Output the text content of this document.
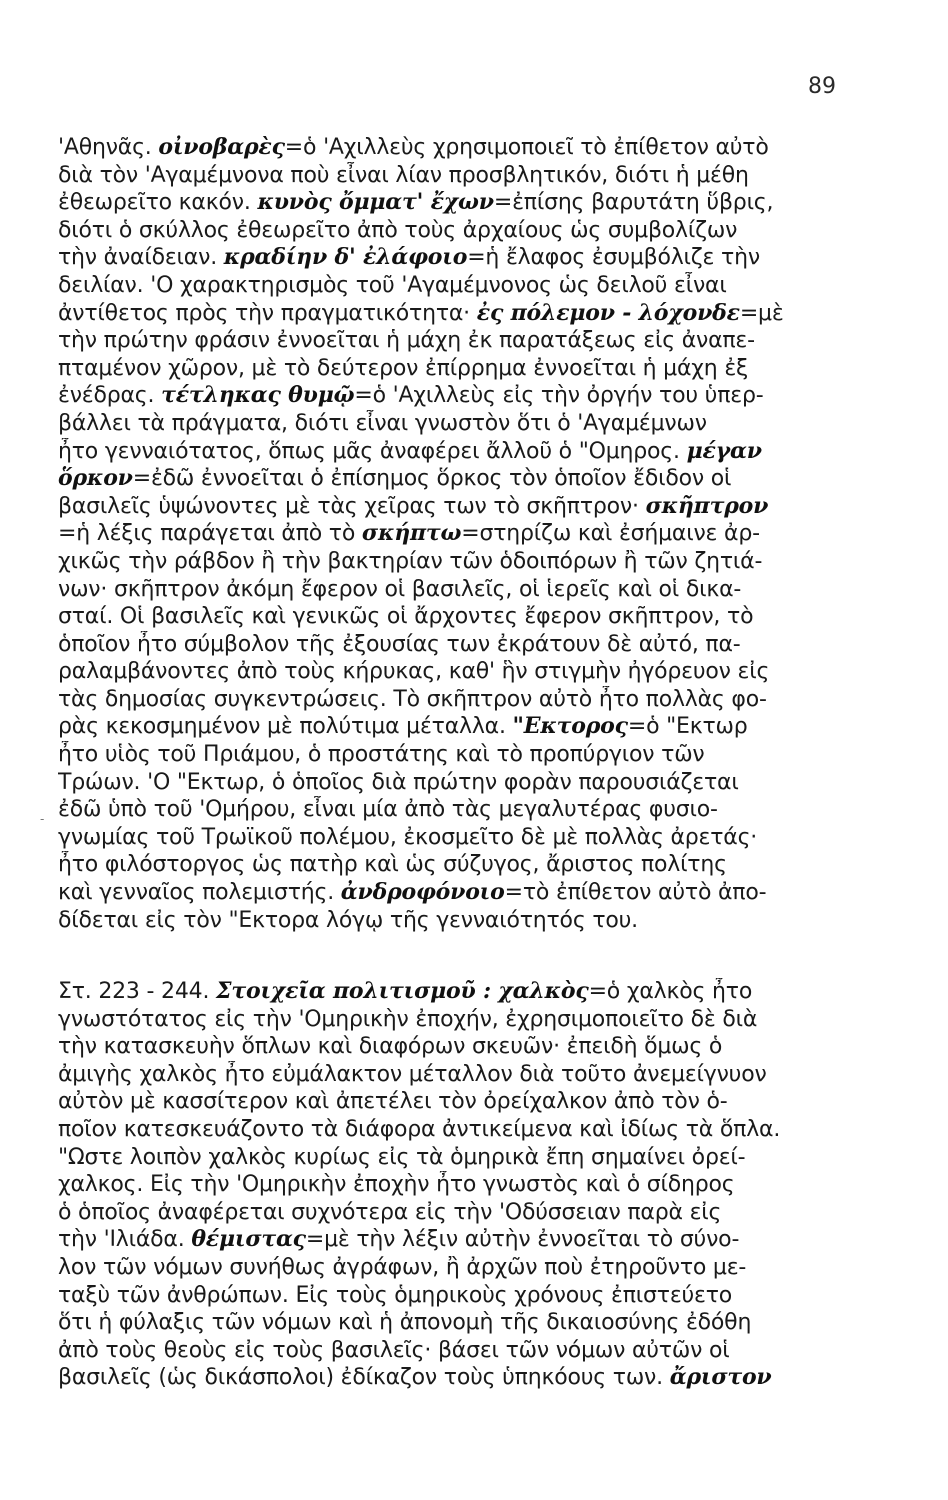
89
-
'Αθηνᾶς. οἰνοβαρὲς=ὁ 'Αχιλλεὺς χρησιμοποιεῖ τὸ ἐπίθετον αὐτὸ
διὰ τὸν 'Αγαμέμνονα ποὺ εἶναι λίαν προσβλητικόν, διότι ἡ μέθη
ἐθεωρεῖτο κακόν. κυνὸς ὄμματ' ἔχων=ἐπίσης βαρυτάτη ὕβρις,
διότι ὁ σκύλλος ἐθεωρεῖτο ἀπὸ τοὺς ἀρχαίους ὡς συμβολίζων
τὴν ἀναίδειαν. κραδίην δ' ἐλάφοιο=ἡ ἔλαφος ἐσυμβόλιζε τὴν
δειλίαν. 'Ο χαρακτηρισμὸς τοῦ 'Αγαμέμνονος ὡς δειλοῦ εἶναι
ἀντίθετος πρὸς τὴν πραγματικότητα· ἐς πόλεμον - λόχονδε=μὲ
τὴν πρώτην φράσιν ἐννοεῖται ἡ μάχη ἐκ παρατάξεως εἰς ἀναπε-
πταμένον χῶρον, μὲ τὸ δεύτερον ἐπίρρημα ἐννοεῖται ἡ μάχη ἐξ
ἐνέδρας. τέτληκας θυμῷ=ὁ 'Αχιλλεὺς εἰς τὴν ὀργήν του ὑπερ-
βάλλει τὰ πράγματα, διότι εἶναι γνωστὸν ὅτι ὁ 'Αγαμέμνων
ἦτο γενναιότατος, ὅπως μᾶς ἀναφέρει ἄλλοῦ ὁ "Ομηρος. μέγαν
ὅρκον=ἐδῶ ἐννοεῖται ὁ ἐπίσημος ὅρκος τὸν ὁποῖον ἔδιδον οἱ
βασιλεῖς ὑψώνοντες μὲ τὰς χεῖρας των τὸ σκῆπτρον· σκῆπτρον
=ἡ λέξις παράγεται ἀπὸ τὸ σκήπτω=στηρίζω καὶ ἐσήμαινε ἀρ-
χικῶς τὴν ράβδον ἢ τὴν βακτηρίαν τῶν ὁδοιπόρων ἢ τῶν ζητιά-
νων· σκῆπτρον ἀκόμη ἔφερον οἱ βασιλεῖς, οἱ ἱερεῖς καὶ οἱ δικα-
σταί. Οἱ βασιλεῖς καὶ γενικῶς οἱ ἄρχοντες ἔφερον σκῆπτρον, τὸ
ὁποῖον ἦτο σύμβολον τῆς ἐξουσίας των ἐκράτουν δὲ αὐτό, πα-
ραλαμβάνοντες ἀπὸ τοὺς κήρυκας, καθ' ἣν στιγμὴν ἠγόρευον εἰς
τὰς δημοσίας συγκεντρώσεις. Τὸ σκῆπτρον αὐτὸ ἦτο πολλὰς φο-
ρὰς κεκοσμημένον μὲ πολύτιμα μέταλλα. "Εκτορος=ὁ "Εκτωρ
ἦτο υἱὸς τοῦ Πριάμου, ὁ προστάτης καὶ τὸ προπύργιον τῶν
Τρώων. 'Ο "Εκτωρ, ὁ ὁποῖος διὰ πρώτην φορὰν παρουσιάζεται
ἐδῶ ὑπὸ τοῦ 'Ομήρου, εἶναι μία ἀπὸ τὰς μεγαλυτέρας φυσιο-
γνωμίας τοῦ Τρωϊκοῦ πολέμου, ἐκοσμεῖτο δὲ μὲ πολλὰς ἀρετάς·
ἦτο φιλόστοργος ὡς πατὴρ καὶ ὡς σύζυγος, ἄριστος πολίτης
καὶ γενναῖος πολεμιστής. ἀνδροφόνοιο=τὸ ἐπίθετον αὐτὸ ἀπο-
δίδεται εἰς τὸν "Εκτορα λόγῳ τῆς γενναιότητός του.
Στ. 223 - 244. Στοιχεῖα πολιτισμοῦ : χαλκὸς=ὁ χαλκὸς ἦτο
γνωστότατος εἰς τὴν 'Ομηρικὴν ἐποχήν, ἐχρησιμοποιεῖτο δὲ διὰ
τὴν κατασκευὴν ὅπλων καὶ διαφόρων σκευῶν· ἐπειδὴ ὅμως ὁ
ἀμιγὴς χαλκὸς ἦτο εὐμάλακτον μέταλλον διὰ τοῦτο ἀνεμείγνυον
αὐτὸν μὲ κασσίτερον καὶ ἀπετέλει τὸν ὀρείχαλκον ἀπὸ τὸν ὁ-
ποῖον κατεσκευάζοντο τὰ διάφορα ἀντικείμενα καὶ ἰδίως τὰ ὅπλα.
"Ωστε λοιπὸν χαλκὸς κυρίως εἰς τὰ ὁμηρικὰ ἔπη σημαίνει ὀρεί-
χαλκος. Εἰς τὴν 'Ομηρικὴν ἐποχὴν ἦτο γνωστὸς καὶ ὁ σίδηρος
ὁ ὁποῖος ἀναφέρεται συχνότερα εἰς τὴν 'Οδύσσειαν παρὰ εἰς
τὴν 'Ιλιάδα. θέμιστας=μὲ τὴν λέξιν αὐτὴν ἐννοεῖται τὸ σύνο-
λον τῶν νόμων συνήθως ἀγράφων, ἢ ἀρχῶν ποὺ ἐτηροῦντο με-
ταξὺ τῶν ἀνθρώπων. Εἰς τοὺς ὁμηρικοὺς χρόνους ἐπιστεύετο
ὅτι ἡ φύλαξις τῶν νόμων καὶ ἡ ἀπονομὴ τῆς δικαιοσύνης ἐδόθη
ἀπὸ τοὺς θεοὺς εἰς τοὺς βασιλεῖς· βάσει τῶν νόμων αὐτῶν οἱ
βασιλεῖς (ὡς δικάσπολοι) ἐδίκαζον τοὺς ὑπηκόους των. ἄριστον
